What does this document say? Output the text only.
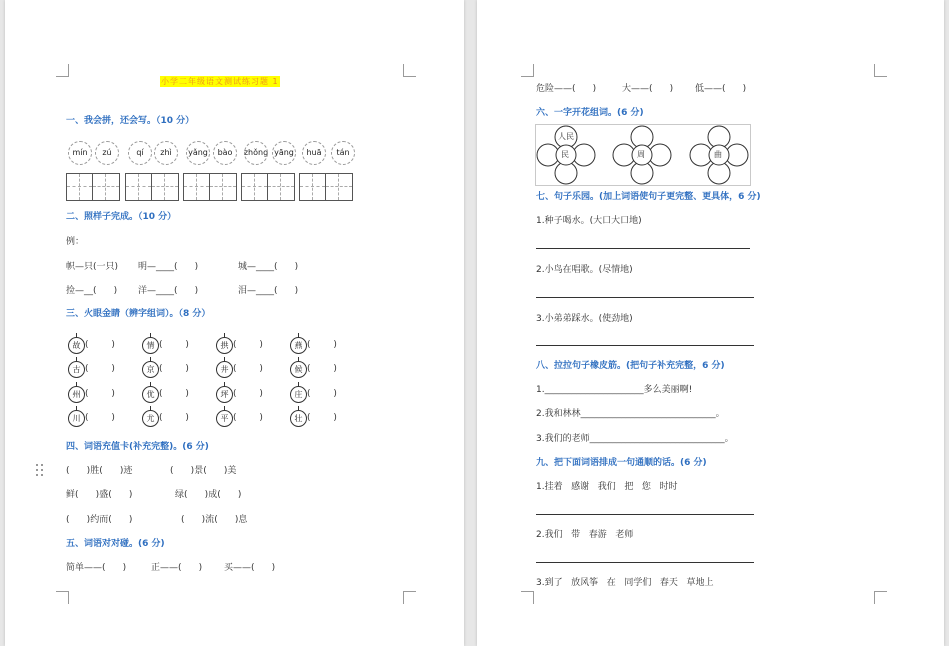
小学二年级语文测试练习题 1
一、我会拼，还会写。（10 分）
mín	zú	qí	zhì	yǎng	bào	zhǒng yāng	huā	tán
二、照样子完成。（10 分）
例：
帜—只(一只) 明—____(      )	城—____(      )
捡—__(      ) 洋—____(      )	泪—____(      )
三、火眼金睛（辨字组词）。（8 分）
故 (        )	情 (        )	拱 (        )	燕 (        )
古 (        )	京 (        )	井 (        )	候 (        )
州 (        )	优 (        )	坪 (        )	庄 (        )
川 (        )	尤 (        )	平 (        )	壮 (        )
四、词语充值卡(补充完整)。(6 分)
(      )胜(      )迹	(      )景(      )美
鲜(      )盛(      )	绿(      )成(      )
(      )约而(      )	(      )流(      )息
五、词语对对碰。(6 分)
简单——(      )	正——(      ) 买——(      )
危险——(      )	大——(      ) 低——(      )
六、一字开花组词。(6 分)
人民
民	周	曲
七、句子乐园。(加上词语使句子更完整、更具体，6 分)
1.种子喝水。(大口大口地)
2.小鸟在唱歌。(尽情地)
3.小弟弟踩水。(使劲地)
八、拉拉句子橡皮筋。(把句子补充完整，6 分)
1.______________________多么美丽啊!
2.我和林林______________________________。
3.我们的老师______________________________。
九、把下面词语排成一句通顺的话。(6 分)
1.挂着   感谢   我们   把   您   时时
2.我们   带   春游   老师
3.到了   放风筝   在   同学们   春天   草地上
